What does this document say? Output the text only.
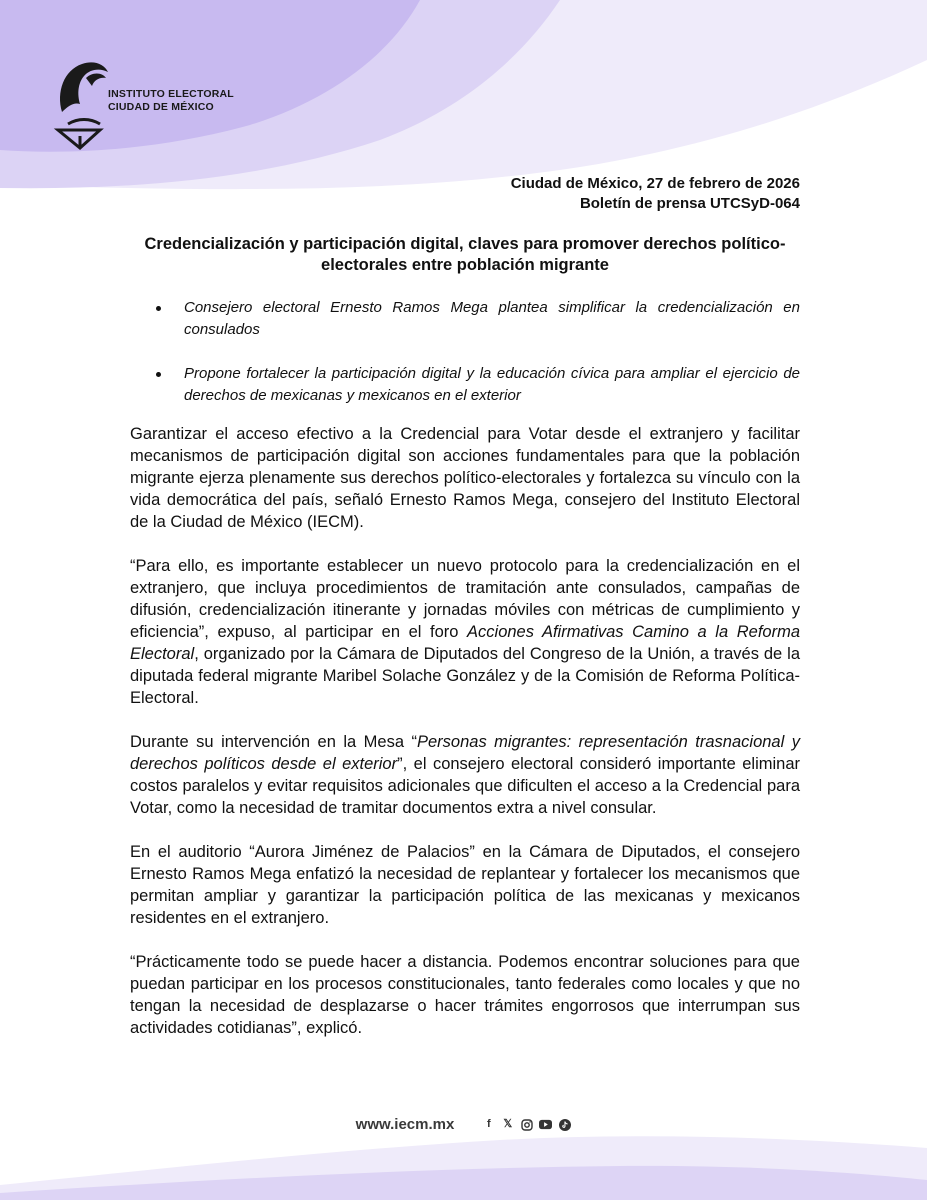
INSTITUTO ELECTORAL
CIUDAD DE MÉXICO
Ciudad de México, 27 de febrero de 2026
Boletín de prensa UTCSyD-064
Credencialización y participación digital, claves para promover derechos político-electorales entre población migrante
Consejero electoral Ernesto Ramos Mega plantea simplificar la credencialización en consulados
Propone fortalecer la participación digital y la educación cívica para ampliar el ejercicio de derechos de mexicanas y mexicanos en el exterior

Garantizar el acceso efectivo a la Credencial para Votar desde el extranjero y facilitar mecanismos de participación digital son acciones fundamentales para que la población migrante ejerza plenamente sus derechos político-electorales y fortalezca su vínculo con la vida democrática del país, señaló Ernesto Ramos Mega, consejero del Instituto Electoral de la Ciudad de México (IECM).

“Para ello, es importante establecer un nuevo protocolo para la credencialización en el extranjero, que incluya procedimientos de tramitación ante consulados, campañas de difusión, credencialización itinerante y jornadas móviles con métricas de cumplimiento y eficiencia”, expuso, al participar en el foro Acciones Afirmativas Camino a la Reforma Electoral, organizado por la Cámara de Diputados del Congreso de la Unión, a través de la diputada federal migrante Maribel Solache González y de la Comisión de Reforma Política-Electoral.

Durante su intervención en la Mesa “Personas migrantes: representación trasnacional y derechos políticos desde el exterior”, el consejero electoral consideró importante eliminar costos paralelos y evitar requisitos adicionales que dificulten el acceso a la Credencial para Votar, como la necesidad de tramitar documentos extra a nivel consular.

En el auditorio “Aurora Jiménez de Palacios” en la Cámara de Diputados, el consejero Ernesto Ramos Mega enfatizó la necesidad de replantear y fortalecer los mecanismos que permitan ampliar y garantizar la participación política de las mexicanas y mexicanos residentes en el extranjero.

“Prácticamente todo se puede hacer a distancia. Podemos encontrar soluciones para que puedan participar en los procesos constitucionales, tanto federales como locales y que no tengan la necesidad de desplazarse o hacer trámites engorrosos que interrumpan sus actividades cotidianas”, explicó.

www.iecm.mx	f	𝕏
